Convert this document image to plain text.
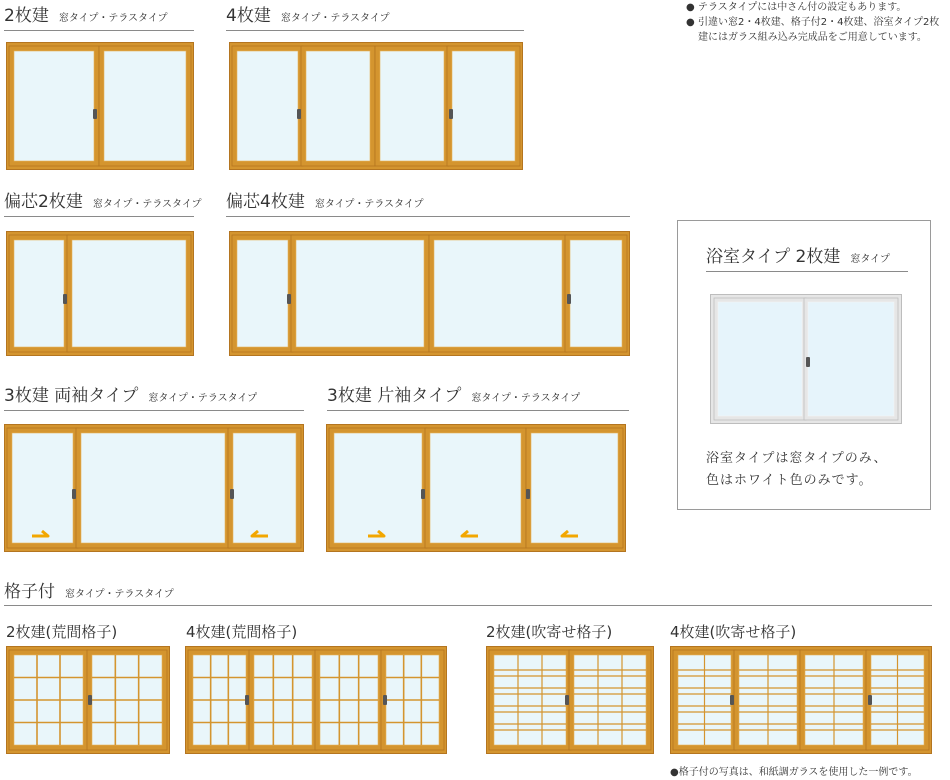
● テラスタイプには中さん付の設定もあります。
● 引違い窓2・4枚建、格子付2・4枚建、浴室タイプ2枚建にはガラス組み込み完成品をご用意しています。
2枚建 窓タイプ・テラスタイプ	4枚建 窓タイプ・テラスタイプ
偏芯2枚建 窓タイプ・テラスタイプ 偏芯4枚建 窓タイプ・テラスタイプ
3枚建 両袖タイプ 窓タイプ・テラスタイプ	3枚建 片袖タイプ 窓タイプ・テラスタイプ
浴室タイプ 2枚建 窓タイプ
浴室タイプは窓タイプのみ、
色はホワイト色のみです。
格子付 窓タイプ・テラスタイプ
2枚建(荒間格子)	4枚建(荒間格子)	2枚建(吹寄せ格子)	4枚建(吹寄せ格子)
●格子付の写真は、和紙調ガラスを使用した一例です。
